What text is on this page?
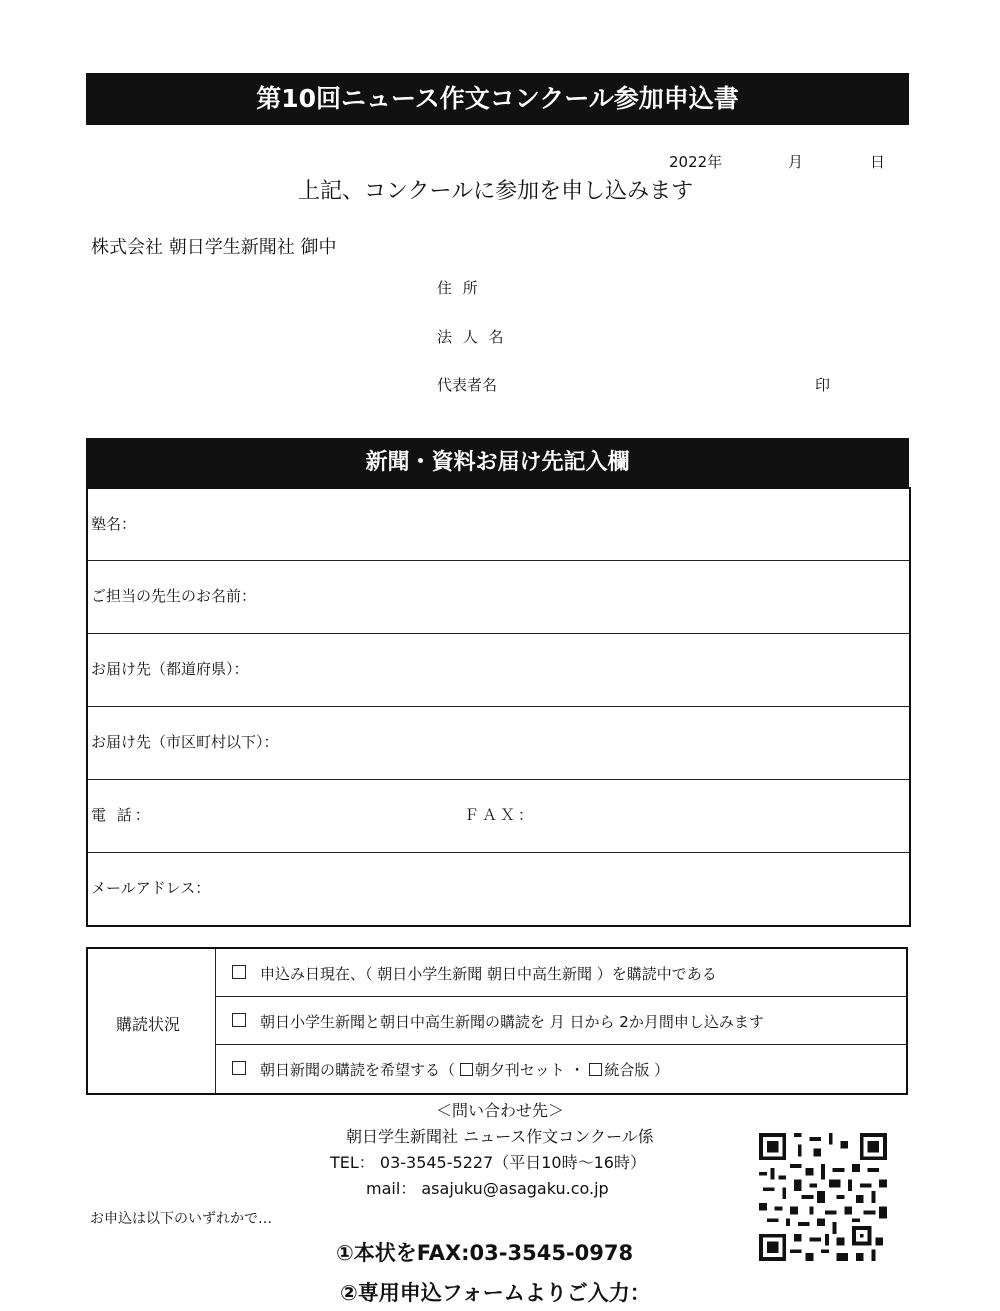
第10回ニュース作文コンクール参加申込書
2022年	月	日
上記、コンクールに参加を申し込みます
株式会社 朝日学生新聞社 御中
住 所
法 人 名
代表者名	印
新聞・資料お届け先記入欄
塾名：
ご担当の先生のお名前：
お届け先（都道府県）：
お届け先（市区町村以下）：
電 話：	ＦＡＸ：
メールアドレス：
購読状況
申込み日現在、（ 朝日小学生新聞 朝日中高生新聞 ）を購読中である
朝日小学生新聞と朝日中高生新聞の購読を 月 日から 2か月間申し込みます
朝日新聞の購読を希望する（ 朝夕刊セット ・ 統合版 ）
＜問い合わせ先＞
朝日学生新聞社 ニュース作文コンクール係
TEL： 03-3545-5227（平日10時～16時）
mail： asajuku@asagaku.co.jp
お申込は以下のいずれかで…
①本状をFAX:03-3545-0978
②専用申込フォームよりご入力：
